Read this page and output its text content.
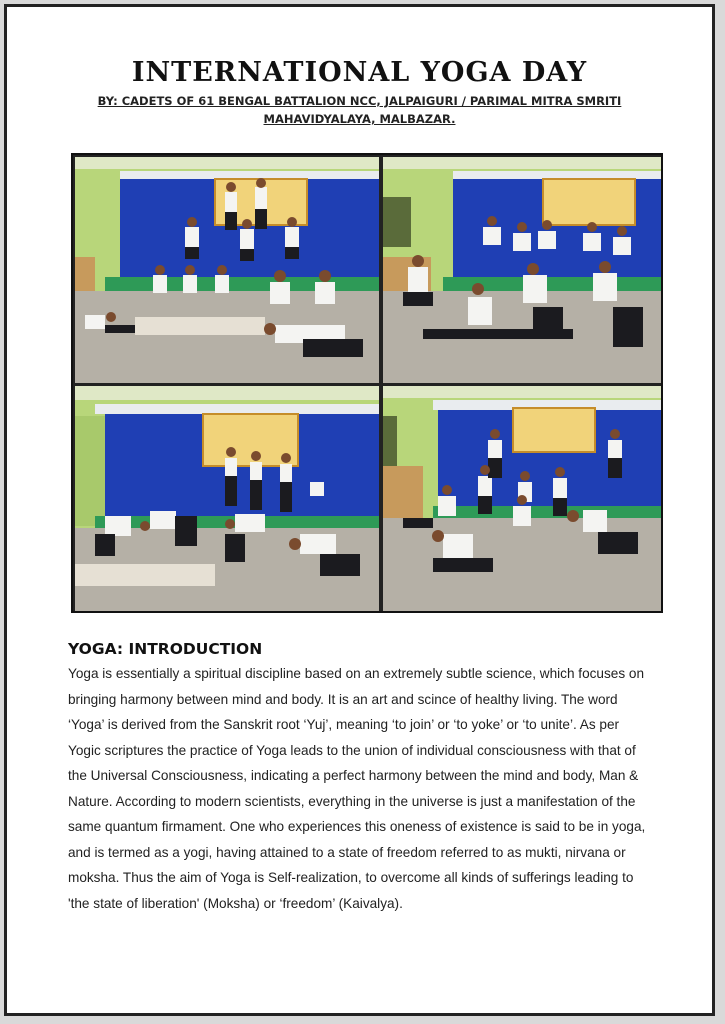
INTERNATIONAL YOGA DAY
BY: CADETS OF 61 BENGAL BATTALION NCC, JALPAIGURI / PARIMAL MITRA SMRITI
MAHAVIDYALAYA, MALBAZAR.
YOGA: INTRODUCTION
Yoga is essentially a spiritual discipline based on an extremely subtle science, which focuses on
bringing harmony between mind and body. It is an art and scince of healthy living. The word
‘Yoga’ is derived from the Sanskrit root ‘Yuj’, meaning ‘to join’ or ‘to yoke’ or ‘to unite’. As per
Yogic scriptures the practice of Yoga leads to the union of individual consciousness with that of
the Universal Consciousness, indicating a perfect harmony between the mind and body, Man &
Nature. According to modern scientists, everything in the universe is just a manifestation of the
same quantum firmament. One who experiences this oneness of existence is said to be in yoga,
and is termed as a yogi, having attained to a state of freedom referred to as mukti, nirvana or
moksha. Thus the aim of Yoga is Self-realization, to overcome all kinds of sufferings leading to
'the state of liberation' (Moksha) or ‘freedom’ (Kaivalya).
